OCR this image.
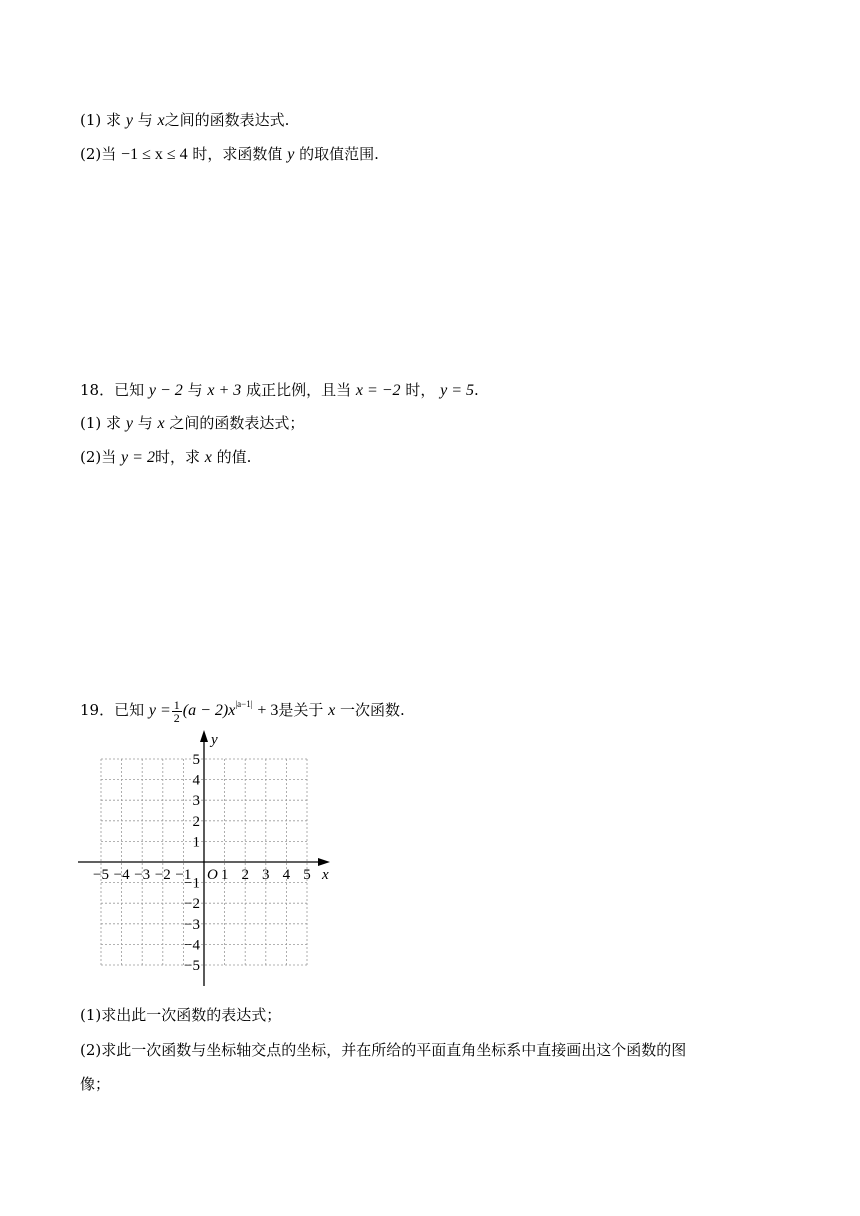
(1) 求 y 与 x之间的函数表达式.
(2)当 −1 ≤ x ≤ 4 时，求函数值 y 的取值范围.
18．已知 y − 2 与 x + 3 成正比例，且当 x = −2 时， y = 5.
(1) 求 y 与 x 之间的函数表达式；
(2)当 y = 2时，求 x 的值.
19．已知 $y = \frac{1}{2} (a - 2)x^{|a-1|} + 3$是关于 x 一次函数.
x
y
O
−5 −4 −3 −2 −1 1 2 3 4 5
5
4
3
2
1
−1
−2
−3
−4
−5
(1)求出此一次函数的表达式；
(2)求此一次函数与坐标轴交点的坐标，并在所给的平面直角坐标系中直接画出这个函数的图
像；
